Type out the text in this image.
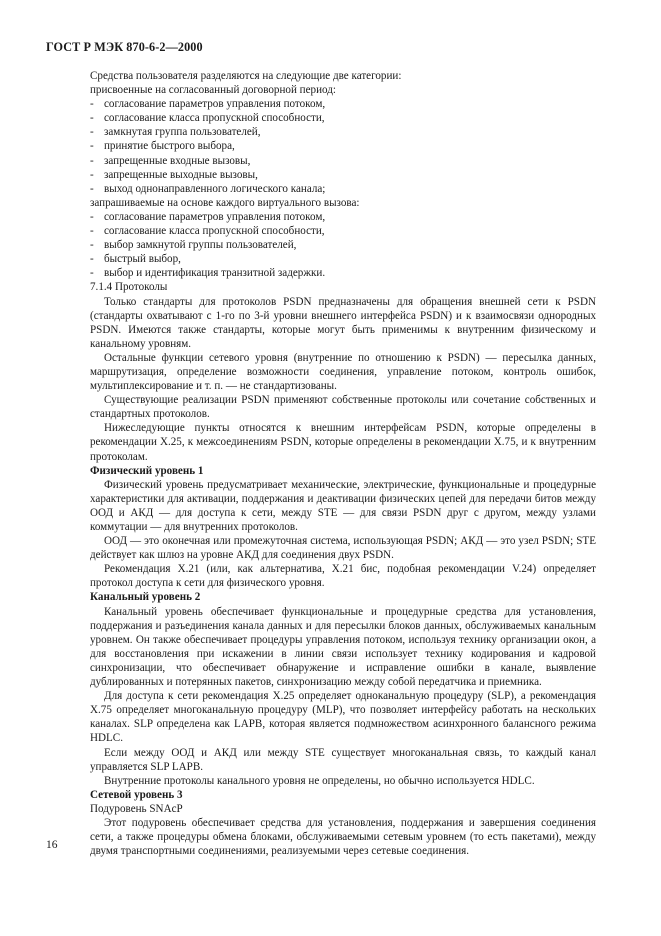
ГОСТ Р МЭК 870-6-2—2000

Средства пользователя разделяются на следующие две категории:

присвоенные на согласованный договорной период:

- согласование параметров управления потоком,
- согласование класса пропускной способности,
- замкнутая группа пользователей,
- принятие быстрого выбора,
- запрещенные входные вызовы,
- запрещенные выходные вызовы,
- выход однонаправленного логического канала;

запрашиваемые на основе каждого виртуального вызова:

- согласование параметров управления потоком,
- согласование класса пропускной способности,
- выбор замкнутой группы пользователей,
- быстрый выбор,
- выбор и идентификация транзитной задержки.

7.1.4 Протоколы

Только стандарты для протоколов PSDN предназначены для обращения внешней сети к PSDN (стандарты охватывают с 1-го по 3-й уровни внешнего интерфейса PSDN) и к взаимосвязи однородных PSDN. Имеются также стандарты, которые могут быть применимы к внутренним физическому и канальному уровням.

Остальные функции сетевого уровня (внутренние по отношению к PSDN) — пересылка данных, маршрутизация, определение возможности соединения, управление потоком, контроль ошибок, мультиплексирование и т. п. — не стандартизованы.

Существующие реализации PSDN применяют собственные протоколы или сочетание собственных и стандартных протоколов.

Нижеследующие пункты относятся к внешним интерфейсам PSDN, которые определены в рекомендации X.25, к межсоединениям PSDN, которые определены в рекомендации X.75, и к внутренним протоколам.

Физический уровень 1

Физический уровень предусматривает механические, электрические, функциональные и процедурные характеристики для активации, поддержания и деактивации физических цепей для передачи битов между ООД и АКД — для доступа к сети, между STE — для связи PSDN друг с другом, между узлами коммутации — для внутренних протоколов.

ООД — это оконечная или промежуточная система, использующая PSDN; АКД — это узел PSDN; STE действует как шлюз на уровне АКД для соединения двух PSDN.

Рекомендация X.21 (или, как альтернатива, X.21 бис, подобная рекомендации V.24) определяет протокол доступа к сети для физического уровня.

Канальный уровень 2

Канальный уровень обеспечивает функциональные и процедурные средства для установления, поддержания и разъединения канала данных и для пересылки блоков данных, обслуживаемых канальным уровнем. Он также обеспечивает процедуры управления потоком, используя технику организации окон, а для восстановления при искажении в линии связи использует технику кодирования и кадровой синхронизации, что обеспечивает обнаружение и исправление ошибки в канале, выявление дублированных и потерянных пакетов, синхронизацию между собой передатчика и приемника.

Для доступа к сети рекомендация X.25 определяет одноканальную процедуру (SLP), а рекомендация X.75 определяет многоканальную процедуру (MLP), что позволяет интерфейсу работать на нескольких каналах. SLP определена как LAPB, которая является подмножеством асинхронного балансного режима HDLC.

Если между ООД и АКД или между STE существует многоканальная связь, то каждый канал управляется SLP LAPB.

Внутренние протоколы канального уровня не определены, но обычно используется HDLC.

Сетевой уровень 3

Подуровень SNAcP

Этот подуровень обеспечивает средства для установления, поддержания и завершения соединения сети, а также процедуры обмена блоками, обслуживаемыми сетевым уровнем (то есть пакетами), между двумя транспортными соединениями, реализуемыми через сетевые соединения.

16
